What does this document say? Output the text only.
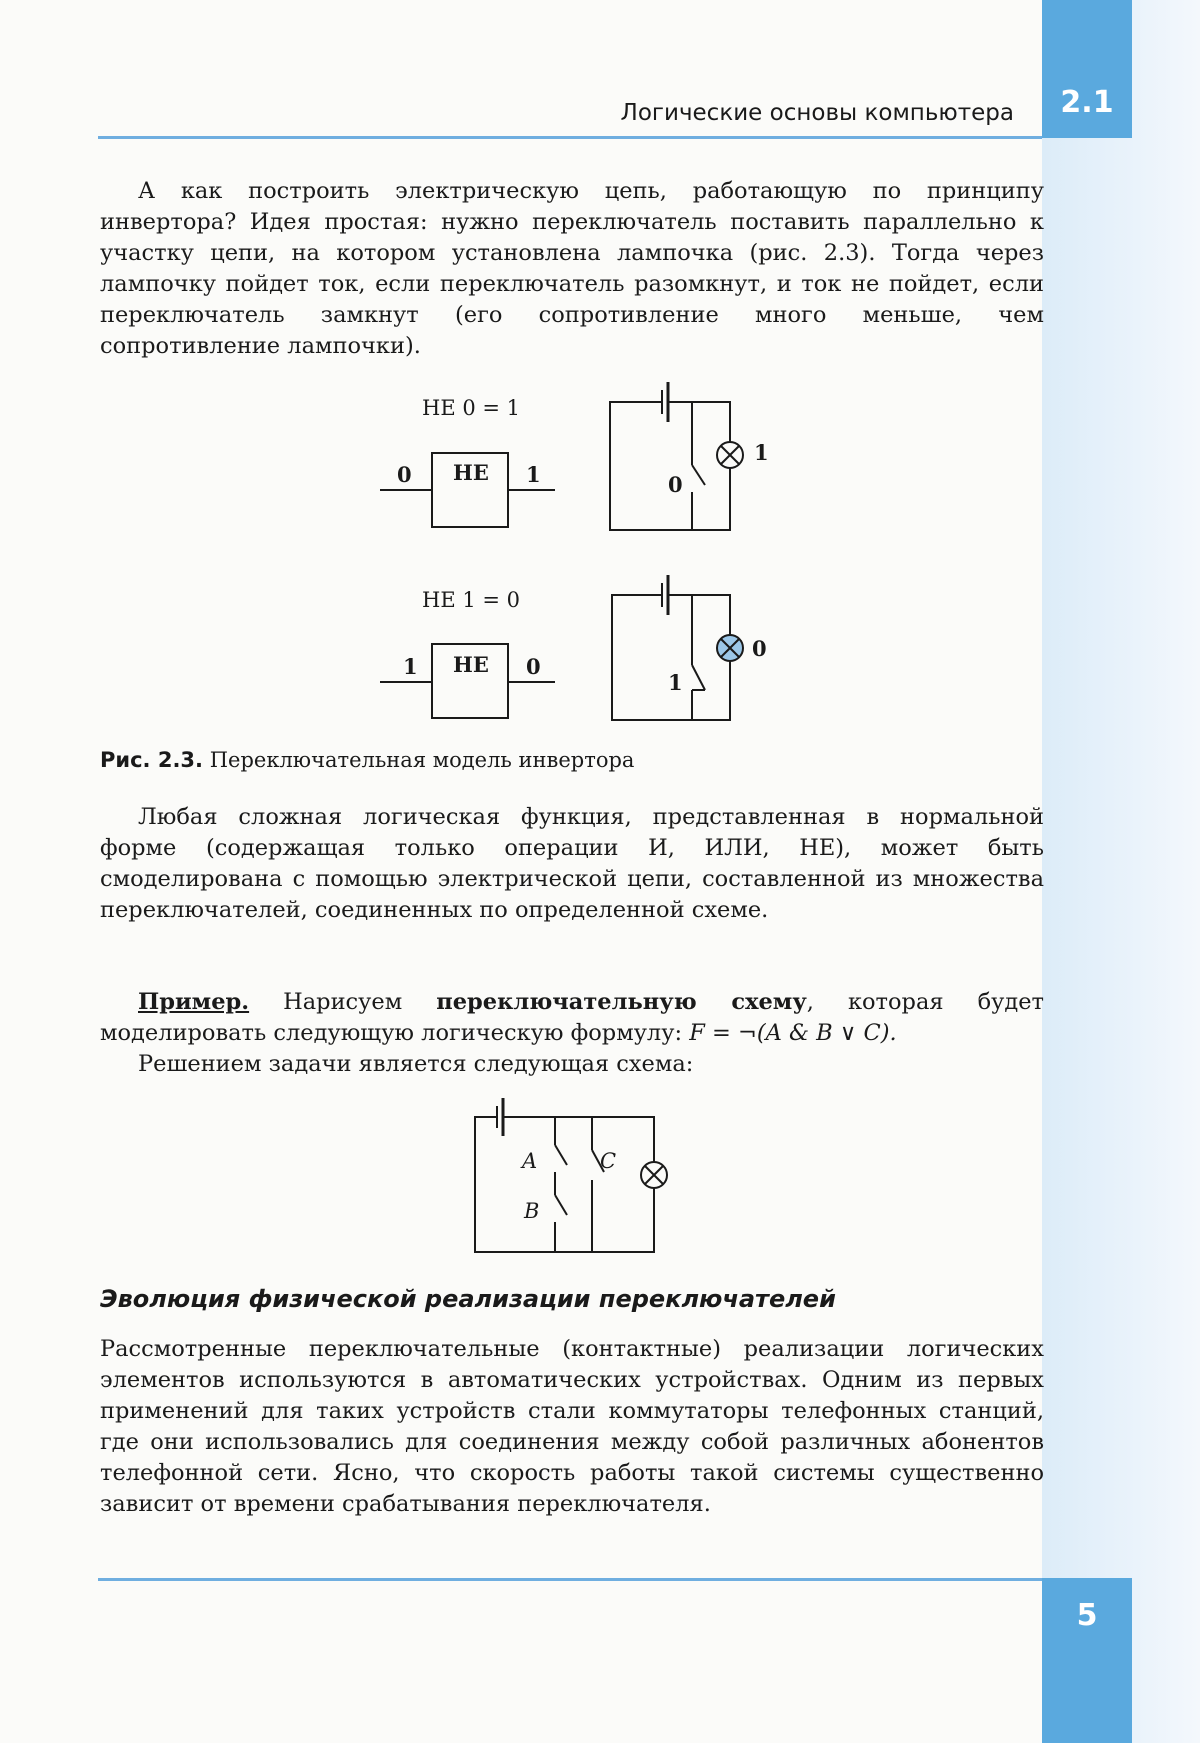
2.1
5
Логические основы компьютера

А как построить электрическую цепь, работающую по принципу инвертора? Идея простая: нужно переключатель поставить параллельно к участку цепи, на котором установлена лампочка (рис. 2.3). Тогда через лампочку пойдет ток, если переключатель разомкнут, и ток не пойдет, если переключатель замкнут (его сопротивление много меньше, чем сопротивление лампочки).

НЕ 0 = 1
НЕ
0	1
1
0
НЕ 1 = 0
НЕ
1	0
0
1
A
B
C
Рис. 2.3. Переключательная модель инвертора

Любая сложная логическая функция, представленная в нормальной форме (содержащая только операции И, ИЛИ, НЕ), может быть смоделирована с помощью электрической цепи, составленной из множества переключателей, соединенных по определенной схеме.

Пример. Нарисуем переключательную схему, которая будет моделировать следующую логическую формулу: F = ¬(A & B ∨ C).

Решением задачи является следующая схема:

Эволюция физической реализации переключателей

Рассмотренные переключательные (контактные) реализации логических элементов используются в автоматических устройствах. Одним из первых применений для таких устройств стали коммутаторы телефонных станций, где они использовались для соединения между собой различных абонентов телефонной сети. Ясно, что скорость работы такой системы существенно зависит от времени срабатывания переключателя.
